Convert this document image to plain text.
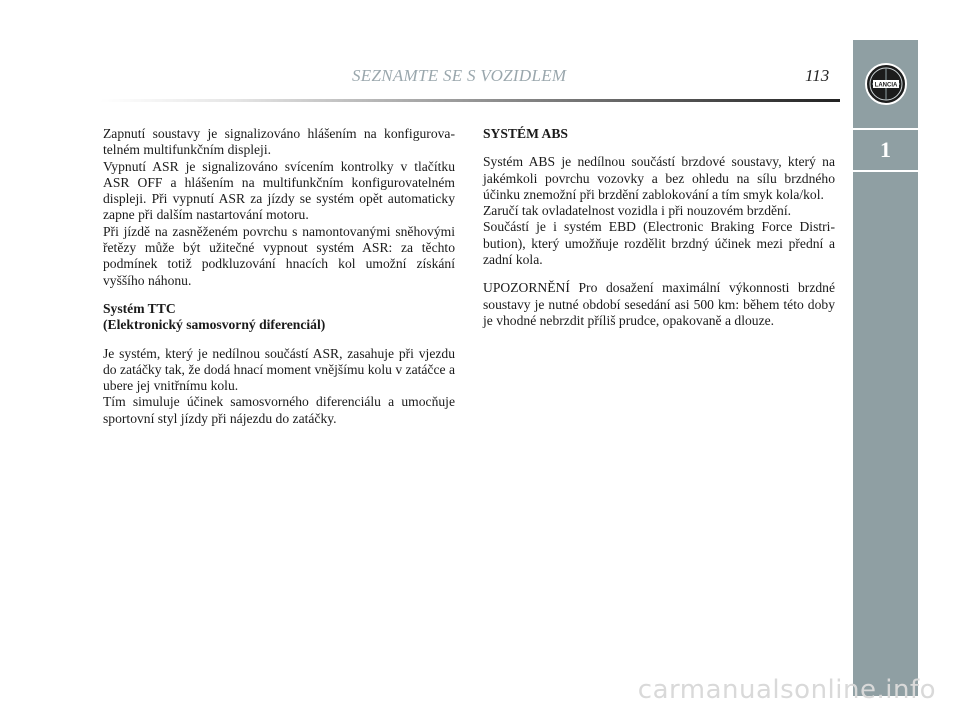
SEZNAMTE SE S VOZIDLEM	113
LANCIA
1

Zapnutí soustavy je signalizováno hlášením na konfigurovatelném multifunkčním displeji.
Vypnutí ASR je signalizováno svícením kontrolky v tlačítku ASR OFF a hlášením na multifunkčním konfigurovatelném displeji. Při vypnutí ASR za jízdy se systém opět automaticky zapne při dalším nastartování motoru.
Při jízdě na zasněženém povrchu s namontovanými sněhovými řetězy může být užitečné vypnout systém ASR: za těchto podmínek totiž podkluzování hnacích kol umožní získání vyššího náhonu.

Systém TTC
(Elektronický samosvorný diferenciál)

Je systém, který je nedílnou součástí ASR, zasahuje při vjezdu do zatáčky tak, že dodá hnací moment vnějšímu kolu v zatáčce a ubere jej vnitřnímu kolu.
Tím simuluje účinek samosvorného diferenciálu a umocňuje sportovní styl jízdy při nájezdu do zatáčky.

SYSTÉM ABS

Systém ABS je nedílnou součástí brzdové soustavy, který na jakémkoli povrchu vozovky a bez ohledu na sílu brzdného účinku znemožní při brzdění zablokování a tím smyk kola/kol.
Zaručí tak ovladatelnost vozidla i při nouzovém brzdění.
Součástí je i systém EBD (Electronic Braking Force Distribution), který umožňuje rozdělit brzdný účinek mezi přední a zadní kola.

UPOZORNĚNÍ Pro dosažení maximální výkonnosti brzdné soustavy je nutné období sesedání asi 500 km: během této doby je vhodné nebrzdit příliš prudce, opakovaně a dlouze.

carmanualsonline.info
